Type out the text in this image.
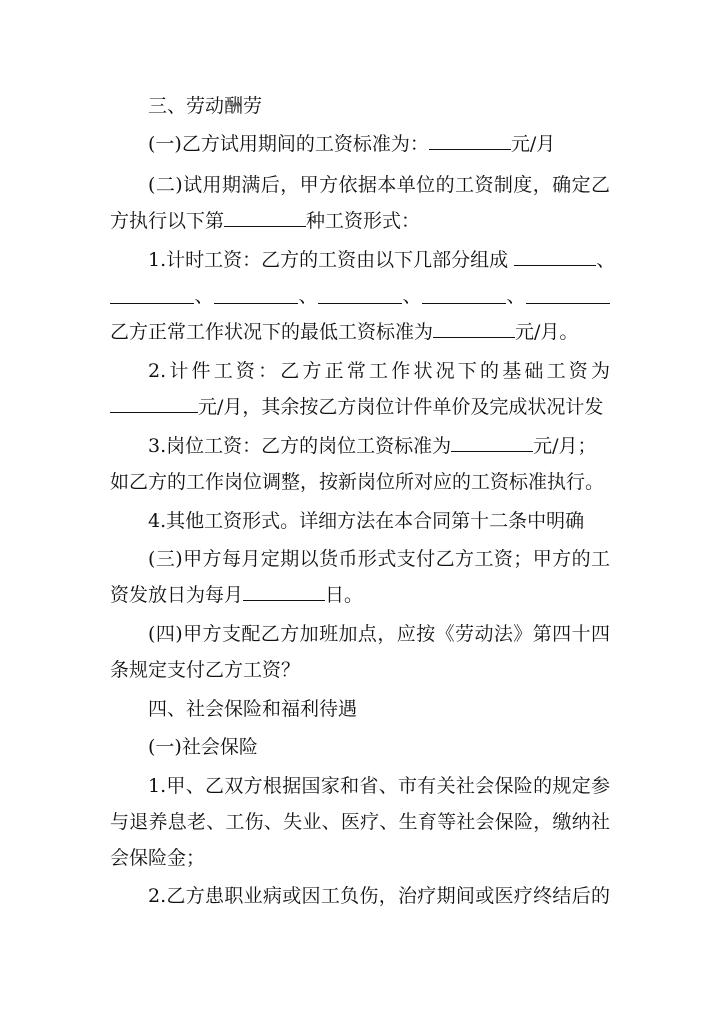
三、劳动酬劳
(一)乙方试用期间的工资标准为：	元/月
(二)试用期满后，甲方依据本单位的工资制度，确定乙
方执行以下第	种工资形式：
1.计时工资：乙方的工资由以下几部分组成	、
、	、	、	、
乙方正常工作状况下的最低工资标准为	元/月。
2.计件工资：乙方正常工作状况下的基础工资为
元/月，其余按乙方岗位计件单价及完成状况计发
3.岗位工资：乙方的岗位工资标准为	元/月；
如乙方的工作岗位调整，按新岗位所对应的工资标准执行。
4.其他工资形式。详细方法在本合同第十二条中明确
(三)甲方每月定期以货币形式支付乙方工资；甲方的工
资发放日为每月	日。
(四)甲方支配乙方加班加点，应按《劳动法》第四十四
条规定支付乙方工资？
四、社会保险和福利待遇
(一)社会保险
1.甲、乙双方根据国家和省、市有关社会保险的规定参
与退养息老、工伤、失业、医疗、生育等社会保险，缴纳社
会保险金；
2.乙方患职业病或因工负伤，治疗期间或医疗终结后的
